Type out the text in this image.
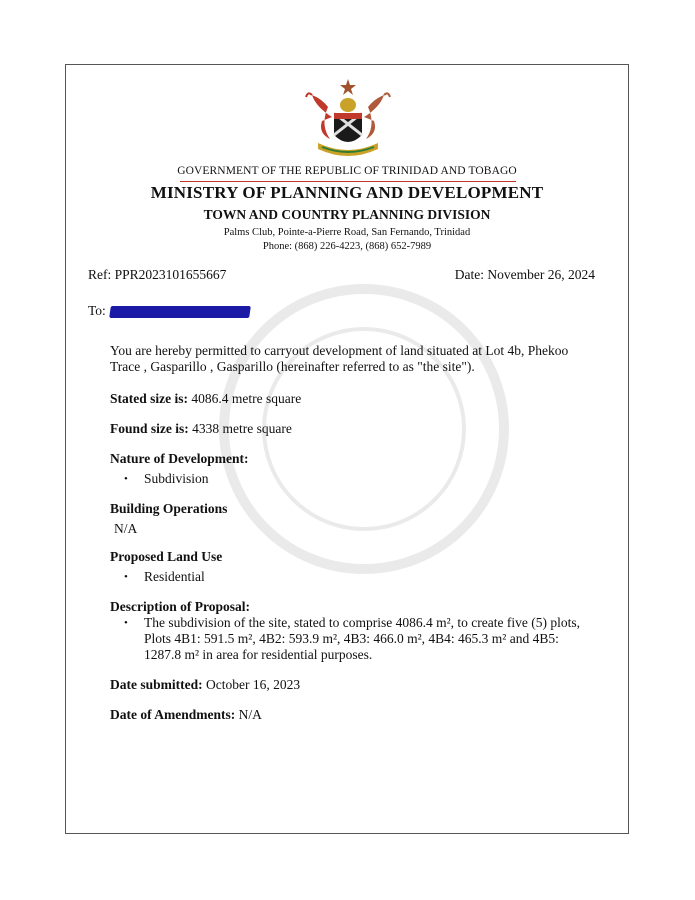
GOVERNMENT OF THE REPUBLIC OF TRINIDAD AND TOBAGO
MINISTRY OF PLANNING AND DEVELOPMENT
TOWN AND COUNTRY PLANNING DIVISION
Palms Club, Pointe-a-Pierre Road, San Fernando, Trinidad
Phone: (868) 226-4223, (868) 652-7989
Ref: PPR2023101655667	Date: November 26, 2024
To:

You are hereby permitted to carryout development of land situated at Lot 4b, Phekoo Trace , Gasparillo , Gasparillo (hereinafter referred to as "the site").

Stated size is: 4086.4 metre square

Found size is: 4338 metre square

Nature of Development:

• Subdivision

Building Operations

N/A

Proposed Land Use

• Residential

Description of Proposal:

• The subdivision of the site, stated to comprise 4086.4 m², to create five (5) plots, Plots 4B1: 591.5 m², 4B2: 593.9 m², 4B3: 466.0 m², 4B4: 465.3 m² and 4B5: 1287.8 m² in area for residential purposes.

Date submitted: October 16, 2023

Date of Amendments: N/A
